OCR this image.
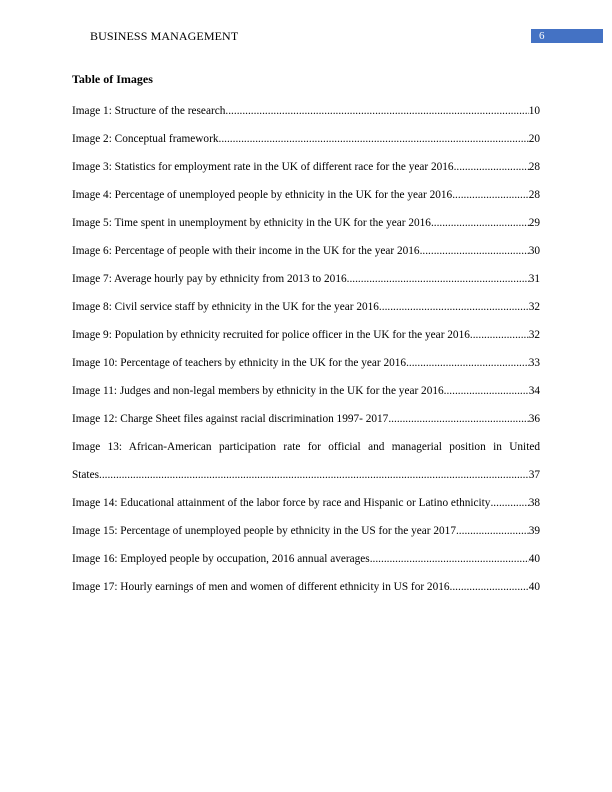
BUSINESS MANAGEMENT	6
Table of Images
Image 1: Structure of the research .....	10
Image 2: Conceptual framework .....	20
Image 3: Statistics for employment rate in the UK of different race for the year 2016 .....	28
Image 4: Percentage of unemployed people by ethnicity in the UK for the year 2016 .....	28
Image 5: Time spent in unemployment by ethnicity in the UK for the year 2016 .....	29
Image 6: Percentage of people with their income in the UK for the year 2016 .....	30
Image 7: Average hourly pay by ethnicity from 2013 to 2016 .....	31
Image 8: Civil service staff by ethnicity in the UK for the year 2016 .....	32
Image 9: Population by ethnicity recruited for police officer in the UK for the year 2016 .....	32
Image 10: Percentage of teachers by ethnicity in the UK for the year 2016 .....	33
Image 11: Judges and non-legal members by ethnicity in the UK for the year 2016 .....	34
Image 12: Charge Sheet files against racial discrimination 1997- 2017 .....	36
Image 13: African-American participation rate for official and managerial position in United
States .....	37
Image 14: Educational attainment of the labor force by race and Hispanic or Latino ethnicity .....	38
Image 15: Percentage of unemployed people by ethnicity in the US for the year 2017 .....	39
Image 16: Employed people by occupation, 2016 annual averages .....	40
Image 17: Hourly earnings of men and women of different ethnicity in US for 2016 .....	40
